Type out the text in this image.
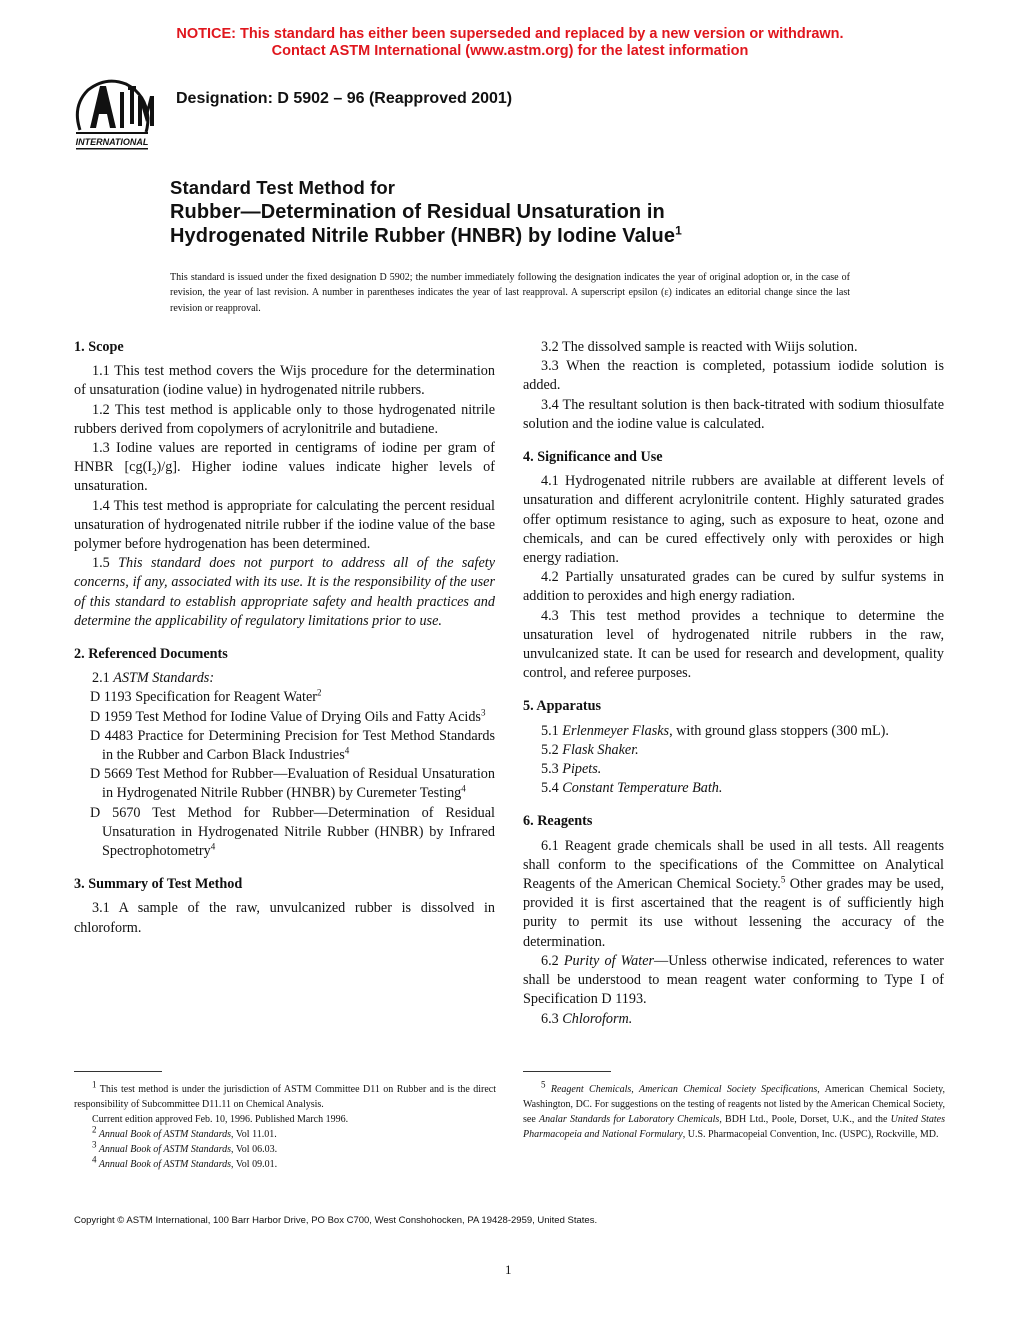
NOTICE: This standard has either been superseded and replaced by a new version or withdrawn.
Contact ASTM International (www.astm.org) for the latest information
INTERNATIONAL
Designation: D 5902 – 96 (Reapproved 2001)
Standard Test Method for
Rubber—Determination of Residual Unsaturation in
Hydrogenated Nitrile Rubber (HNBR) by Iodine Value$^1$
This standard is issued under the fixed designation D 5902; the number immediately following the designation indicates the year of original adoption or, in the case of revision, the year of last revision. A number in parentheses indicates the year of last reapproval. A superscript epsilon (ε) indicates an editorial change since the last revision or reapproval.
1. Scope

1.1 This test method covers the Wijs procedure for the determination of unsaturation (iodine value) in hydrogenated nitrile rubbers.

1.2 This test method is applicable only to those hydrogenated nitrile rubbers derived from copolymers of acrylonitrile and butadiene.

1.3 Iodine values are reported in centigrams of iodine per gram of HNBR $[cg(I_2)/g]$. Higher iodine values indicate higher levels of unsaturation.

1.4 This test method is appropriate for calculating the percent residual unsaturation of hydrogenated nitrile rubber if the iodine value of the base polymer before hydrogenation has been determined.

1.5 This standard does not purport to address all of the safety concerns, if any, associated with its use. It is the responsibility of the user of this standard to establish appropriate safety and health practices and determine the applicability of regulatory limitations prior to use.

2. Referenced Documents

2.1 ASTM Standards:

D 1193 Specification for Reagent Water$^2$

D 1959 Test Method for Iodine Value of Drying Oils and Fatty Acids$^3$

D 4483 Practice for Determining Precision for Test Method Standards in the Rubber and Carbon Black Industries$^4$

D 5669 Test Method for Rubber—Evaluation of Residual Unsaturation in Hydrogenated Nitrile Rubber (HNBR) by Curemeter Testing$^4$

D 5670 Test Method for Rubber—Determination of Residual Unsaturation in Hydrogenated Nitrile Rubber (HNBR) by Infrared Spectrophotometry$^4$

3. Summary of Test Method

3.1 A sample of the raw, unvulcanized rubber is dissolved in chloroform.

3.2 The dissolved sample is reacted with Wiijs solution.

3.3 When the reaction is completed, potassium iodide solution is added.

3.4 The resultant solution is then back-titrated with sodium thiosulfate solution and the iodine value is calculated.

4. Significance and Use

4.1 Hydrogenated nitrile rubbers are available at different levels of unsaturation and different acrylonitrile content. Highly saturated grades offer optimum resistance to aging, such as exposure to heat, ozone and chemicals, and can be cured effectively only with peroxides or high energy radiation.

4.2 Partially unsaturated grades can be cured by sulfur systems in addition to peroxides and high energy radiation.

4.3 This test method provides a technique to determine the unsaturation level of hydrogenated nitrile rubbers in the raw, unvulcanized state. It can be used for research and development, quality control, and referee purposes.

5. Apparatus

5.1 Erlenmeyer Flasks, with ground glass stoppers (300 mL).

5.2 Flask Shaker.

5.3 Pipets.

5.4 Constant Temperature Bath.

6. Reagents

6.1 Reagent grade chemicals shall be used in all tests. All reagents shall conform to the specifications of the Committee on Analytical Reagents of the American Chemical Society.$^5$ Other grades may be used, provided it is first ascertained that the reagent is of sufficiently high purity to permit its use without lessening the accuracy of the determination.

6.2 Purity of Water—Unless otherwise indicated, references to water shall be understood to mean reagent water conforming to Type I of Specification D 1193.

6.3 Chloroform.

$^1$ This test method is under the jurisdiction of ASTM Committee D11 on Rubber and is the direct responsibility of Subcommittee D11.11 on Chemical Analysis.

Current edition approved Feb. 10, 1996. Published March 1996.

$^2$ Annual Book of ASTM Standards, Vol 11.01.

$^3$ Annual Book of ASTM Standards, Vol 06.03.

$^4$ Annual Book of ASTM Standards, Vol 09.01.

$^5$ Reagent Chemicals, American Chemical Society Specifications, American Chemical Society, Washington, DC. For suggestions on the testing of reagents not listed by the American Chemical Society, see Analar Standards for Laboratory Chemicals, BDH Ltd., Poole, Dorset, U.K., and the United States Pharmacopeia and National Formulary, U.S. Pharmacopeial Convention, Inc. (USPC), Rockville, MD.

Copyright © ASTM International, 100 Barr Harbor Drive, PO Box C700, West Conshohocken, PA 19428-2959, United States.
1
